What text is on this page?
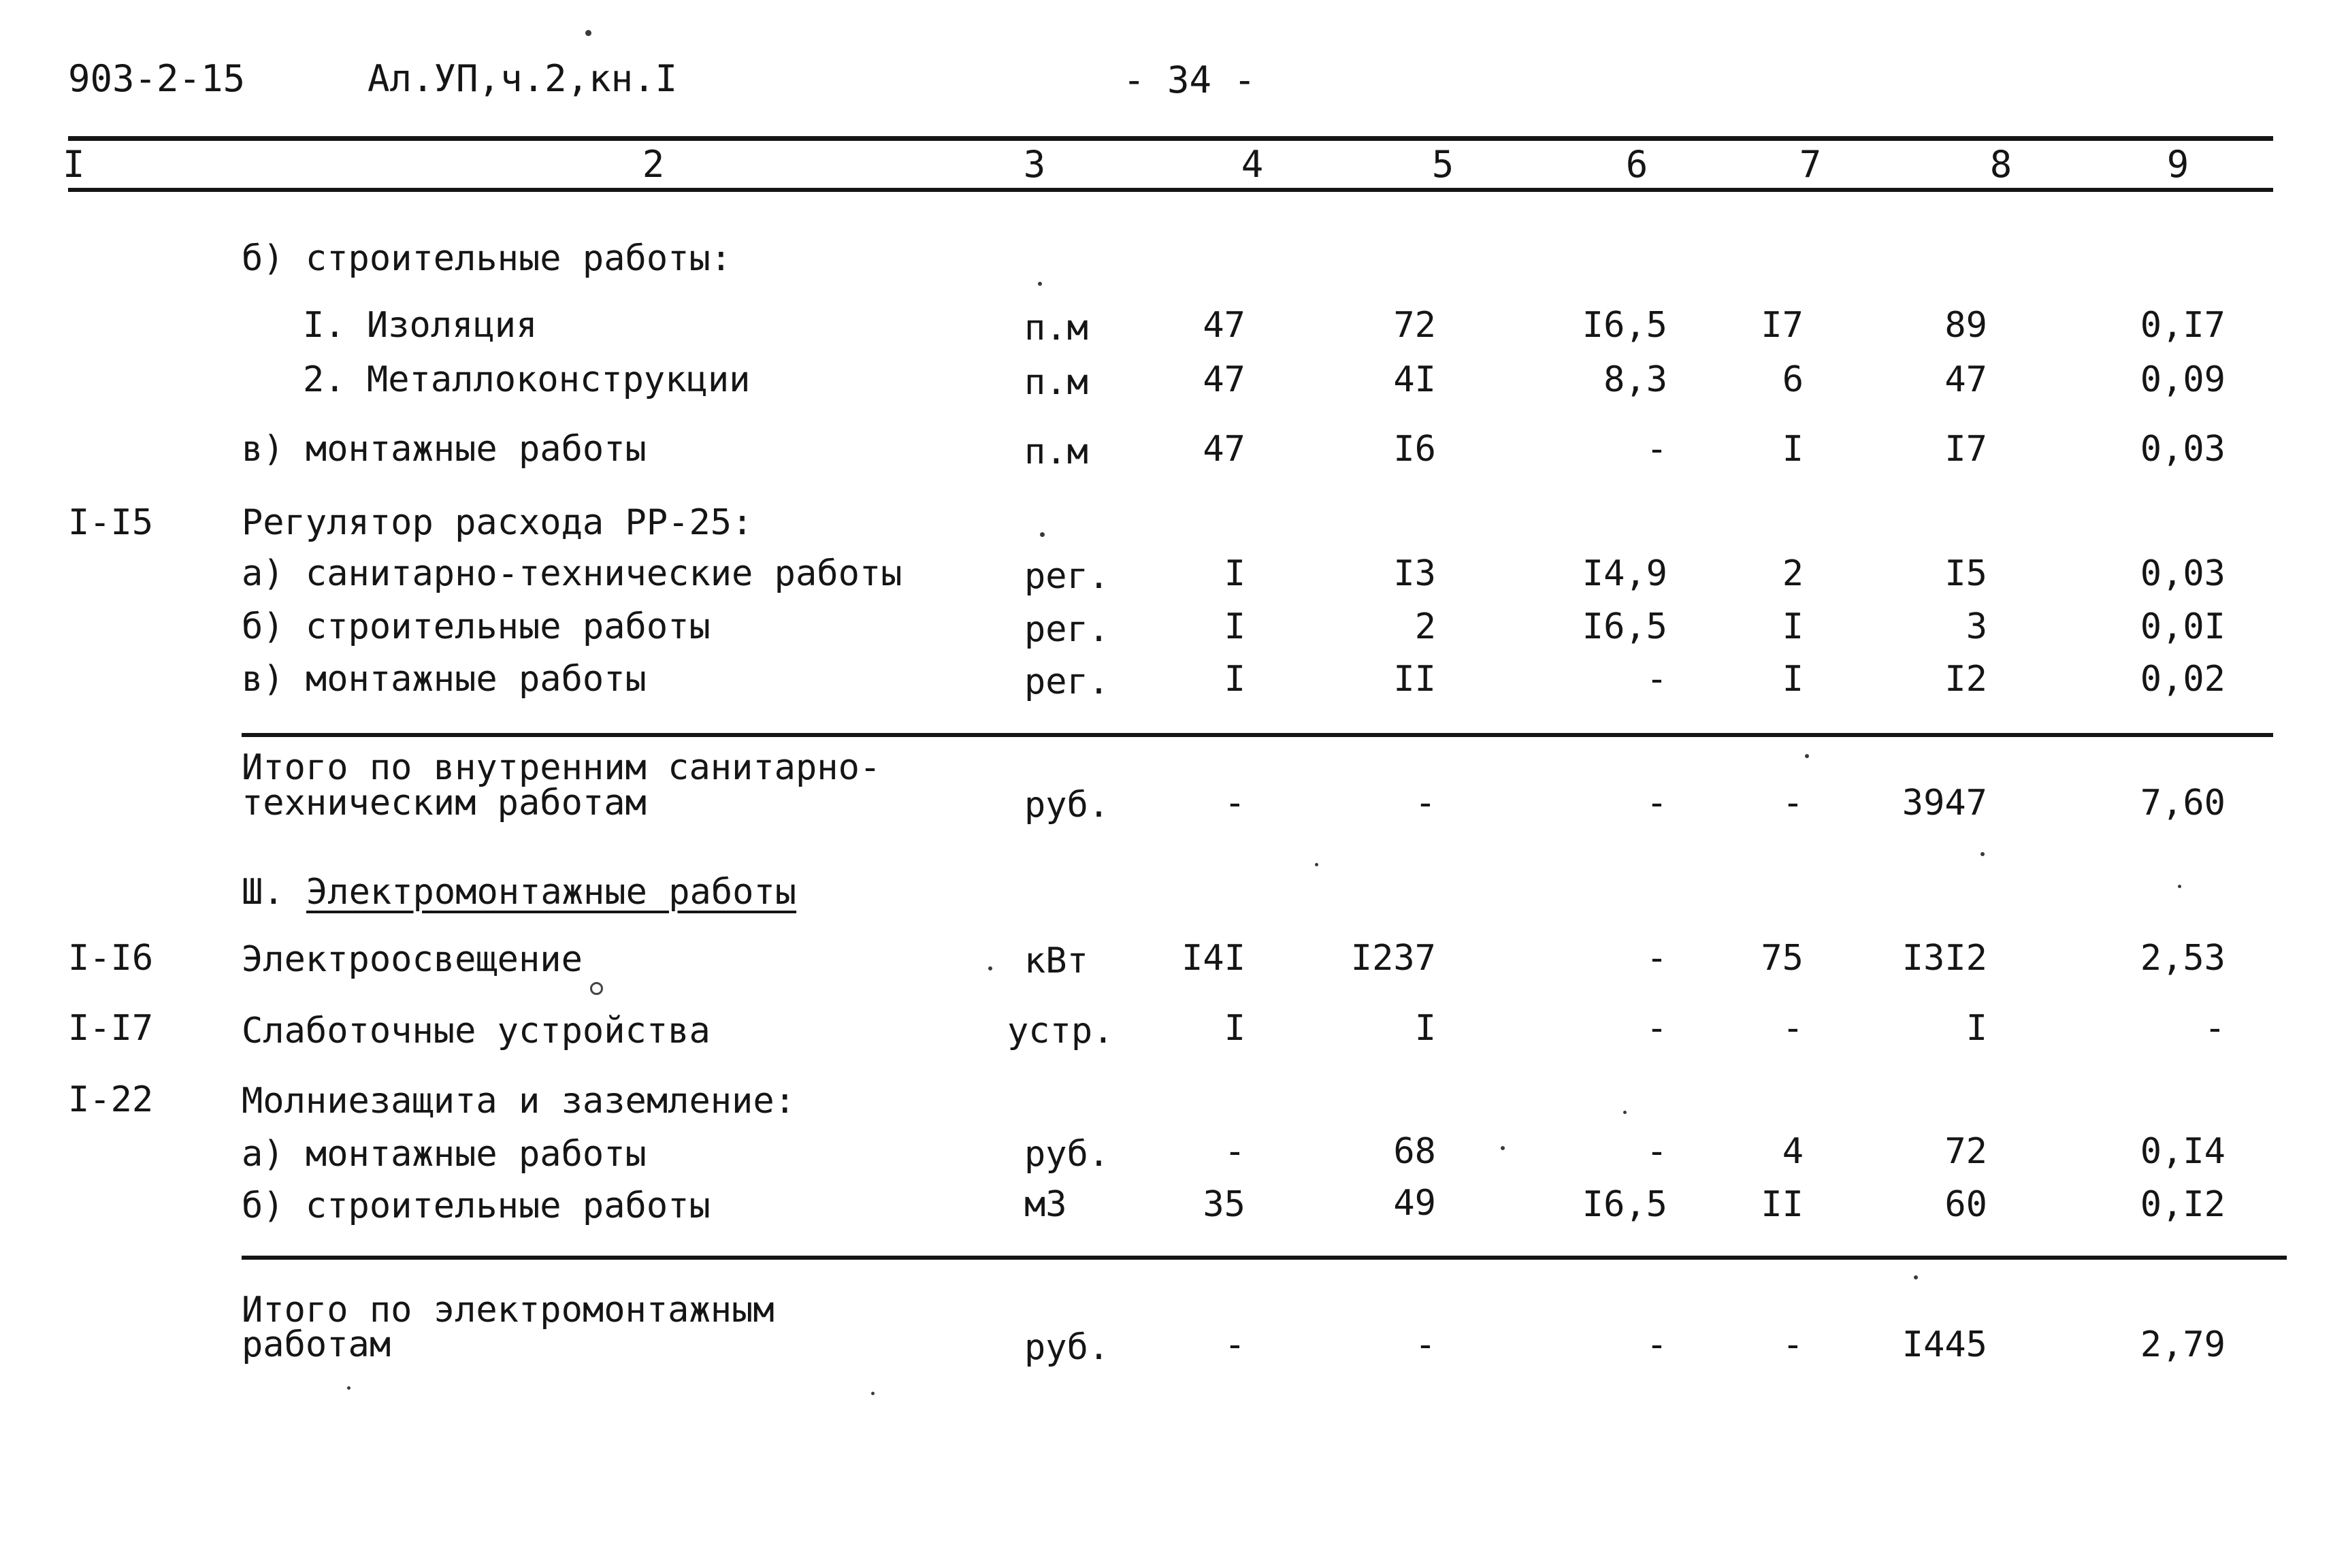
903-2-15	Ал.УП,ч.2,кн.I	- 34 -
I	2	3	4	5	6	7	8	9
б) строительные работы:
I. Изоляция	п.м	47	72	I6,5	I7	89	0,I7
2. Металлоконструкции	п.м	47	4I	8,3	6	47	0,09
в) монтажные работы	п.м	47	I6	-	I	I7	0,03
I-I5 Регулятор расхода РР-25:
а) санитарно-технические работы	рег.	I	I3	I4,9	2	I5	0,03
б) строительные работы	рег.	I	2	I6,5	I	3	0,0I
в) монтажные работы	рег.	I	II	-	I	I2	0,02
Итого по внутренним санитарно-
техническим работам	руб.	-	-	-	-	3947	7,60
Ш. Электромонтажные работы
I-I6 Электроосвещение	кВт	I4I	I237	-	75	I3I2	2,53
I-I7 Слаботочные устройства	устр.	I	I	-	-	I	-
I-22 Молниезащита и заземление:
а) монтажные работы	руб.	-	68	-	4	72	0,I4
б) строительные работы	м3	35	49	I6,5	II	60	0,I2
Итого по электромонтажным
работам	руб.	-	-	-	-	I445	2,79
